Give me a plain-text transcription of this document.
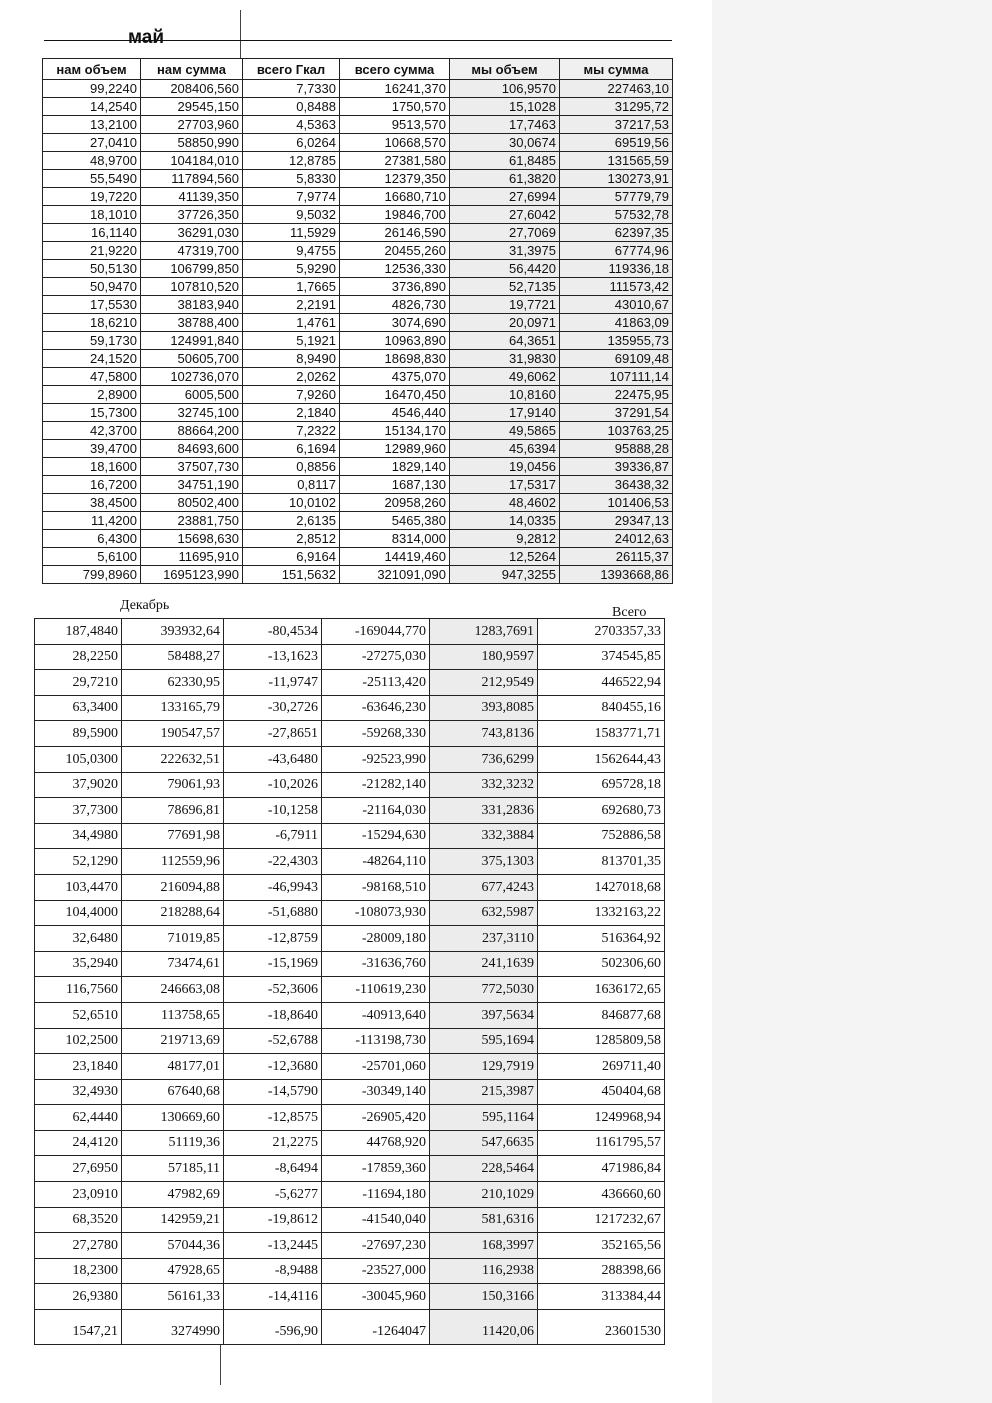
май
нам объем	нам сумма	всего Гкал	всего сумма	мы объем	мы сумма
99,2240	208406,560	7,7330	16241,370	106,9570	227463,10
14,2540	29545,150	0,8488	1750,570	15,1028	31295,72
13,2100	27703,960	4,5363	9513,570	17,7463	37217,53
27,0410	58850,990	6,0264	10668,570	30,0674	69519,56
48,9700	104184,010	12,8785	27381,580	61,8485	131565,59
55,5490	117894,560	5,8330	12379,350	61,3820	130273,91
19,7220	41139,350	7,9774	16680,710	27,6994	57779,79
18,1010	37726,350	9,5032	19846,700	27,6042	57532,78
16,1140	36291,030	11,5929	26146,590	27,7069	62397,35
21,9220	47319,700	9,4755	20455,260	31,3975	67774,96
50,5130	106799,850	5,9290	12536,330	56,4420	119336,18
50,9470	107810,520	1,7665	3736,890	52,7135	111573,42
17,5530	38183,940	2,2191	4826,730	19,7721	43010,67
18,6210	38788,400	1,4761	3074,690	20,0971	41863,09
59,1730	124991,840	5,1921	10963,890	64,3651	135955,73
24,1520	50605,700	8,9490	18698,830	31,9830	69109,48
47,5800	102736,070	2,0262	4375,070	49,6062	107111,14
2,8900	6005,500	7,9260	16470,450	10,8160	22475,95
15,7300	32745,100	2,1840	4546,440	17,9140	37291,54
42,3700	88664,200	7,2322	15134,170	49,5865	103763,25
39,4700	84693,600	6,1694	12989,960	45,6394	95888,28
18,1600	37507,730	0,8856	1829,140	19,0456	39336,87
16,7200	34751,190	0,8117	1687,130	17,5317	36438,32
38,4500	80502,400	10,0102	20958,260	48,4602	101406,53
11,4200	23881,750	2,6135	5465,380	14,0335	29347,13
6,4300	15698,630	2,8512	8314,000	9,2812	24012,63
5,6100	11695,910	6,9164	14419,460	12,5264	26115,37
799,8960	1695123,990	151,5632	321091,090	947,3255	1393668,86
Декабрь	Всего
187,4840	393932,64	-80,4534	-169044,770	1283,7691	2703357,33
28,2250	58488,27	-13,1623	-27275,030	180,9597	374545,85
29,7210	62330,95	-11,9747	-25113,420	212,9549	446522,94
63,3400	133165,79	-30,2726	-63646,230	393,8085	840455,16
89,5900	190547,57	-27,8651	-59268,330	743,8136	1583771,71
105,0300	222632,51	-43,6480	-92523,990	736,6299	1562644,43
37,9020	79061,93	-10,2026	-21282,140	332,3232	695728,18
37,7300	78696,81	-10,1258	-21164,030	331,2836	692680,73
34,4980	77691,98	-6,7911	-15294,630	332,3884	752886,58
52,1290	112559,96	-22,4303	-48264,110	375,1303	813701,35
103,4470	216094,88	-46,9943	-98168,510	677,4243	1427018,68
104,4000	218288,64	-51,6880	-108073,930	632,5987	1332163,22
32,6480	71019,85	-12,8759	-28009,180	237,3110	516364,92
35,2940	73474,61	-15,1969	-31636,760	241,1639	502306,60
116,7560	246663,08	-52,3606	-110619,230	772,5030	1636172,65
52,6510	113758,65	-18,8640	-40913,640	397,5634	846877,68
102,2500	219713,69	-52,6788	-113198,730	595,1694	1285809,58
23,1840	48177,01	-12,3680	-25701,060	129,7919	269711,40
32,4930	67640,68	-14,5790	-30349,140	215,3987	450404,68
62,4440	130669,60	-12,8575	-26905,420	595,1164	1249968,94
24,4120	51119,36	21,2275	44768,920	547,6635	1161795,57
27,6950	57185,11	-8,6494	-17859,360	228,5464	471986,84
23,0910	47982,69	-5,6277	-11694,180	210,1029	436660,60
68,3520	142959,21	-19,8612	-41540,040	581,6316	1217232,67
27,2780	57044,36	-13,2445	-27697,230	168,3997	352165,56
18,2300	47928,65	-8,9488	-23527,000	116,2938	288398,66
26,9380	56161,33	-14,4116	-30045,960	150,3166	313384,44
1547,21	3274990	-596,90	-1264047	11420,06	23601530
